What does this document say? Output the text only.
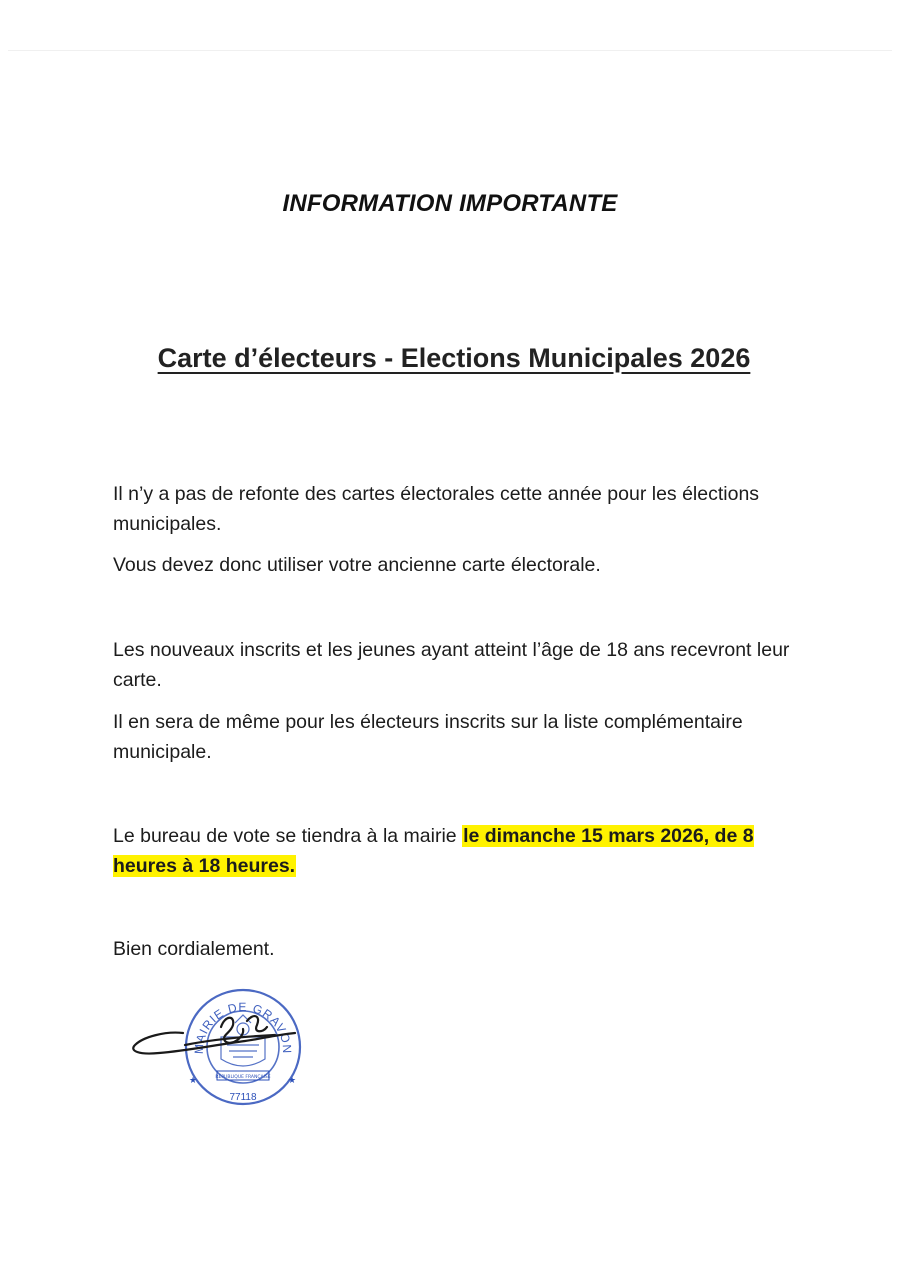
INFORMATION IMPORTANTE
Carte d’électeurs - Elections Municipales 2026

Il n’y a pas de refonte des cartes électorales cette année pour les élections municipales.

Vous devez donc utiliser votre ancienne carte électorale.

Les nouveaux inscrits et les jeunes ayant atteint l’âge de 18 ans recevront leur carte.

Il en sera de même pour les électeurs inscrits sur la liste complémentaire municipale.

Le bureau de vote se tiendra à la mairie le dimanche 15 mars 2026, de 8 heures à 18 heures.

Bien cordialement.

★	★
RÉPUBLIQUE FRANÇAISE
MAIRIE DE GRAVON
77118
